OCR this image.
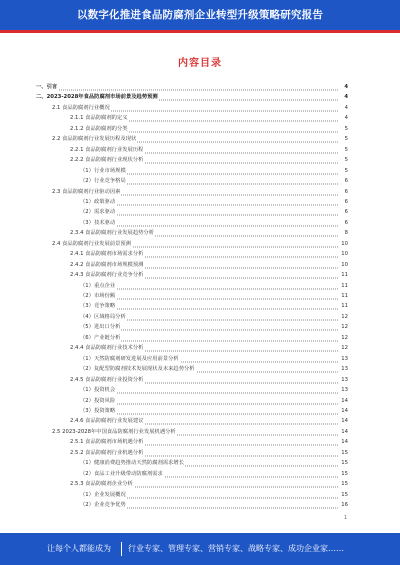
以数字化推进食品防腐剂企业转型升级策略研究报告
内容目录
一、引言	4
二、2023-2028年食品防腐剂市场前景及趋势预测	4
2.1 食品防腐剂行业概况	4
2.1.1 食品防腐剂的定义	4
2.1.2 食品防腐剂的分类	5
2.2 食品防腐剂行业发展历程及现状	5
2.2.1 食品防腐剂行业发展历程	5
2.2.2 食品防腐剂行业现状分析	5
（1）行业市场规模	5
（2）行业竞争格局	6
2.3 食品防腐剂行业驱动因素	6
（1）政策驱动	6
（2）需求驱动	6
（3）技术驱动	6
2.3.4 食品防腐剂行业发展趋势分析	8
2.4 食品防腐剂行业发展前景预测	10
2.4.1 食品防腐剂市场需求分析	10
2.4.2 食品防腐剂市场规模预测	10
2.4.3 食品防腐剂行业竞争分析	11
（1）重点企业	11
（2）市场份额	11
（3）竞争策略	11
（4）区域格局分析	12
（5）进出口分析	12
（6）产业链分析	12
2.4.4 食品防腐剂行业技术分析	12
（1）天然防腐剂研发进展及应用前景分析	13
（2）复配型防腐剂技术发展现状及未来趋势分析	13
2.4.5 食品防腐剂行业投资分析	13
（1）投资机会	13
（2）投资风险	14
（3）投资策略	14
2.4.6 食品防腐剂行业发展建议	14
2.5 2023-2028年中国食品防腐剂行业发展机遇分析	14
2.5.1 食品防腐剂市场机遇分析	14
2.5.2 食品防腐剂行业机遇分析	15
（1）健康消费趋势推动天然防腐剂需求增长	15
（2）食品工业升级带动防腐剂需求	15
2.5.3 食品防腐剂企业分析	15
（1）企业发展概况	15
（2）企业竞争优势	16
1
让每个人都能成为 行业专家、管理专家、营销专家、战略专家、成功企业家……
